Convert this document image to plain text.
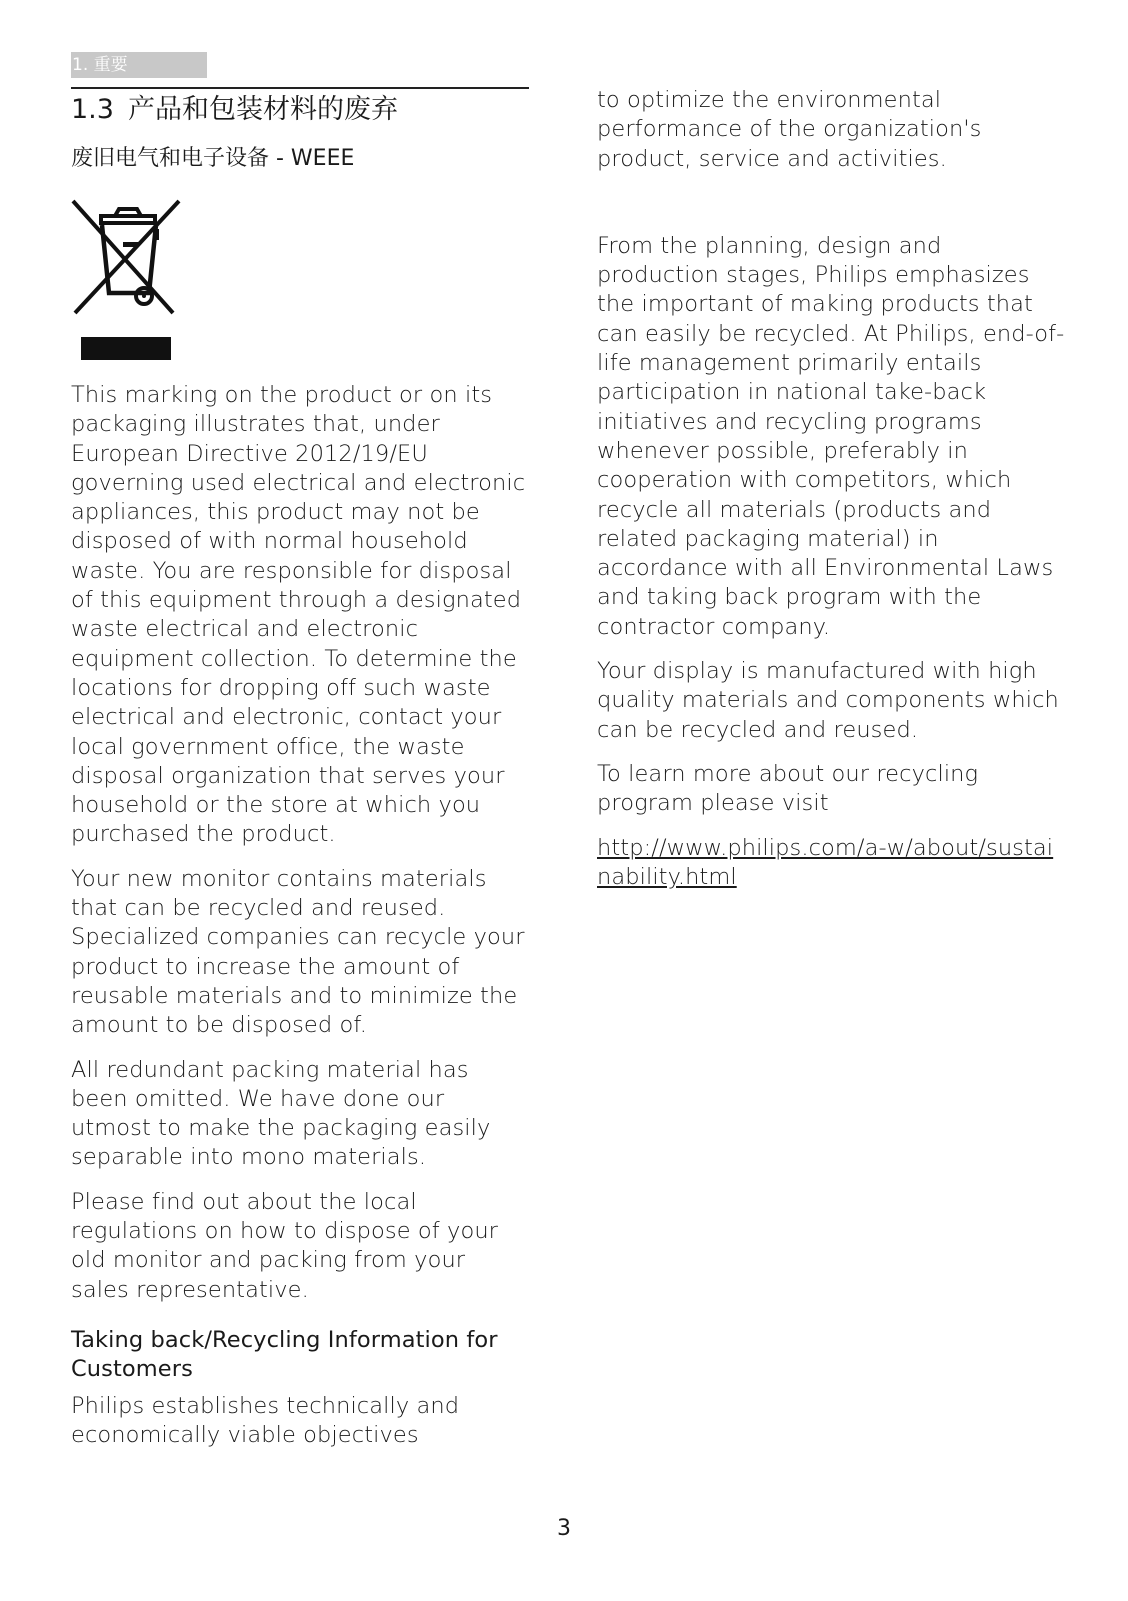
1. 重要
1.3 产品和包装材料的废弃
废旧电气和电子设备 - WEEE

This marking on the product or on its packaging illustrates that, under European Directive 2012/19/EU governing used electrical and electronic appliances, this product may not be disposed of with normal household waste. You are responsible for disposal of this equipment through a designated waste electrical and electronic equipment collection. To determine the locations for dropping off such waste electrical and electronic, contact your local government office, the waste disposal organization that serves your household or the store at which you purchased the product.

Your new monitor contains materials that can be recycled and reused. Specialized companies can recycle your product to increase the amount of reusable materials and to minimize the amount to be disposed of.

All redundant packing material has been omitted. We have done our utmost to make the packaging easily separable into mono materials.

Please find out about the local regulations on how to dispose of your old monitor and packing from your sales representative.

Taking back/Recycling Information for Customers

Philips establishes technically and economically viable objectives

to optimize the environmental performance of the organization's product, service and activities.

From the planning, design and production stages, Philips emphasizes the important of making products that can easily be recycled. At Philips, end-of-life management primarily entails participation in national take-back initiatives and recycling programs whenever possible, preferably in cooperation with competitors, which recycle all materials (products and related packaging material) in accordance with all Environmental Laws and taking back program with the contractor company.

Your display is manufactured with high quality materials and components which can be recycled and reused.

To learn more about our recycling program please visit

http://www.philips.com/a-w/about/sustainability.html

3
